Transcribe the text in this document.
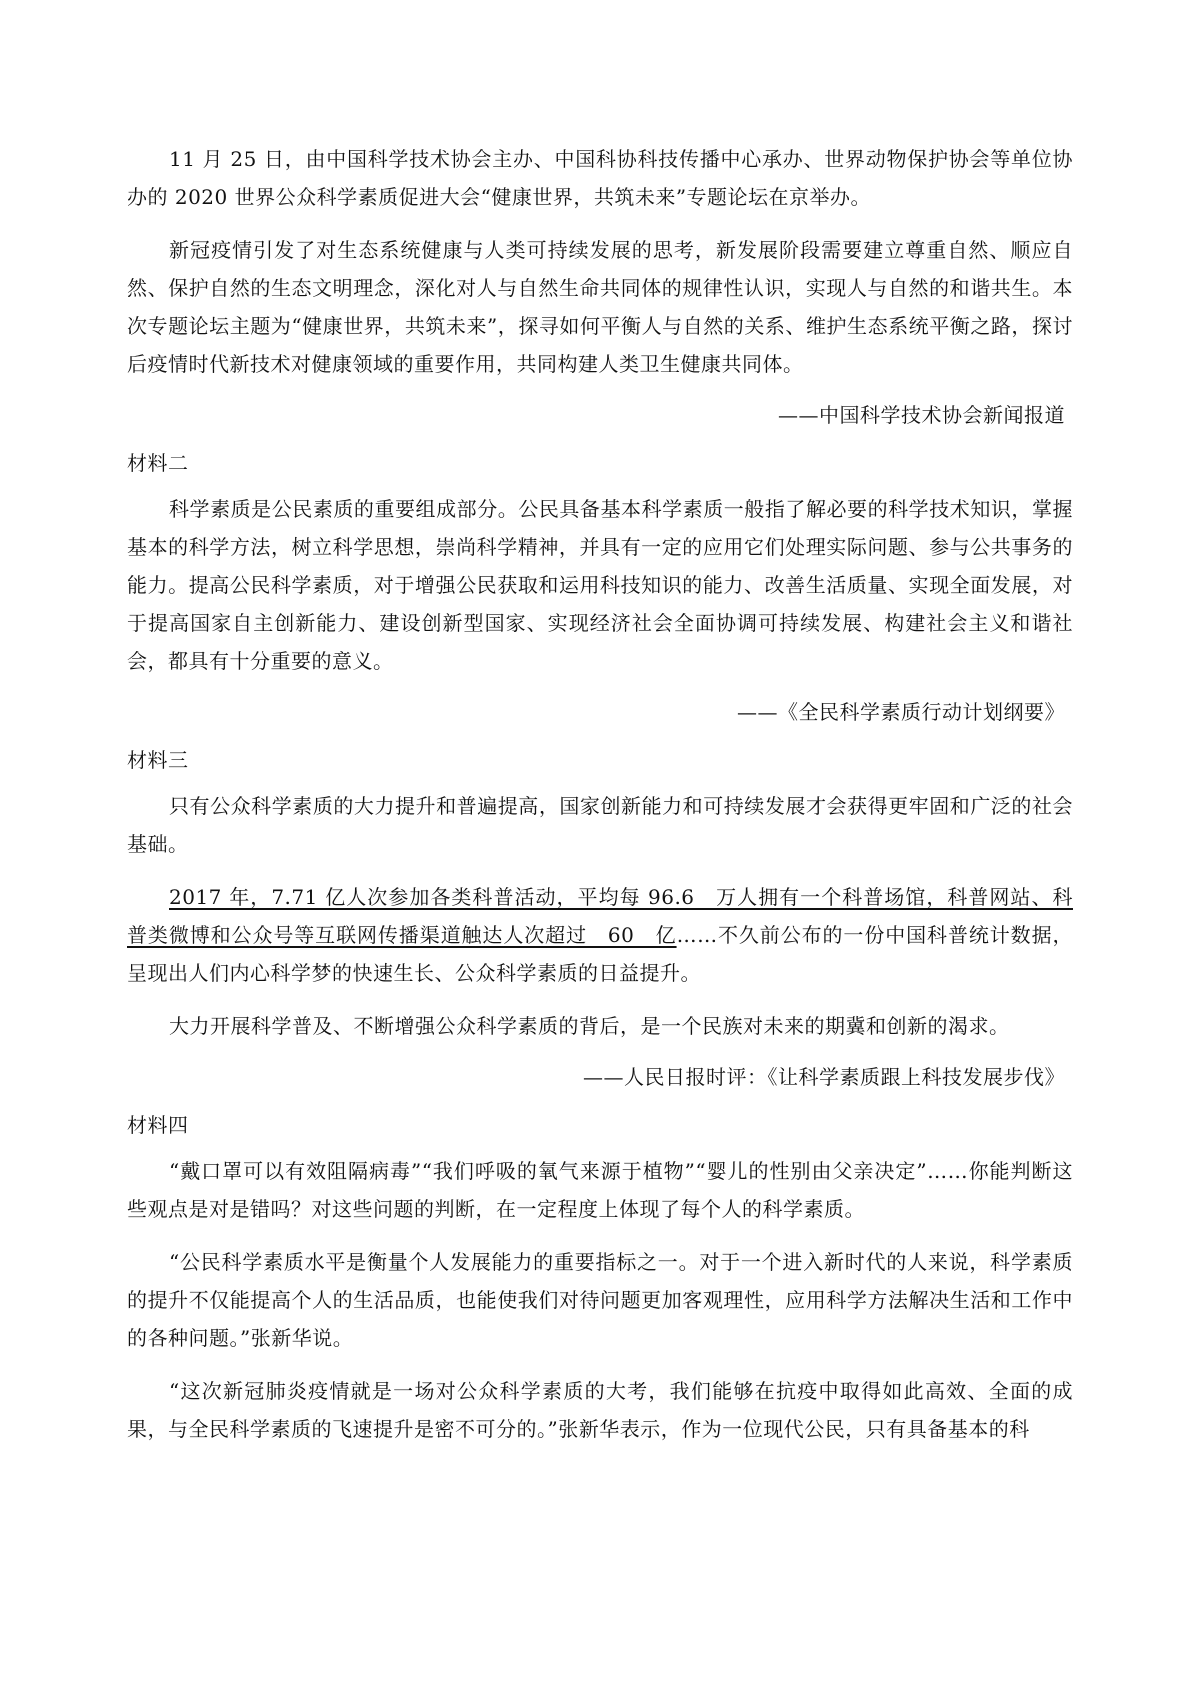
11 月 25 日，由中国科学技术协会主办、中国科协科技传播中心承办、世界动物保护协会等单位协办的 2020 世界公众科学素质促进大会“健康世界，共筑未来”专题论坛在京举办。

新冠疫情引发了对生态系统健康与人类可持续发展的思考，新发展阶段需要建立尊重自然、顺应自然、保护自然的生态文明理念，深化对人与自然生命共同体的规律性认识，实现人与自然的和谐共生。本次专题论坛主题为“健康世界，共筑未来”，探寻如何平衡人与自然的关系、维护生态系统平衡之路，探讨后疫情时代新技术对健康领域的重要作用，共同构建人类卫生健康共同体。

——中国科学技术协会新闻报道
材料二

科学素质是公民素质的重要组成部分。公民具备基本科学素质一般指了解必要的科学技术知识，掌握基本的科学方法，树立科学思想，崇尚科学精神，并具有一定的应用它们处理实际问题、参与公共事务的能力。提高公民科学素质，对于增强公民获取和运用科技知识的能力、改善生活质量、实现全面发展，对于提高国家自主创新能力、建设创新型国家、实现经济社会全面协调可持续发展、构建社会主义和谐社会，都具有十分重要的意义。

——《全民科学素质行动计划纲要》
材料三

只有公众科学素质的大力提升和普遍提高，国家创新能力和可持续发展才会获得更牢固和广泛的社会基础。

2017 年，7.71 亿人次参加各类科普活动，平均每 96.6　万人拥有一个科普场馆，科普网站、科普类微博和公众号等互联网传播渠道触达人次超过　60　亿……不久前公布的一份中国科普统计数据，呈现出人们内心科学梦的快速生长、公众科学素质的日益提升。

大力开展科学普及、不断增强公众科学素质的背后，是一个民族对未来的期冀和创新的渴求。

——人民日报时评：《让科学素质跟上科技发展步伐》
材料四

“戴口罩可以有效阻隔病毒”“我们呼吸的氧气来源于植物”“婴儿的性别由父亲决定”……你能判断这些观点是对是错吗？对这些问题的判断，在一定程度上体现了每个人的科学素质。

“公民科学素质水平是衡量个人发展能力的重要指标之一。对于一个进入新时代的人来说，科学素质的提升不仅能提高个人的生活品质，也能使我们对待问题更加客观理性，应用科学方法解决生活和工作中的各种问题。”张新华说。

“这次新冠肺炎疫情就是一场对公众科学素质的大考，我们能够在抗疫中取得如此高效、全面的成果，与全民科学素质的飞速提升是密不可分的。”张新华表示，作为一位现代公民，只有具备基本的科
